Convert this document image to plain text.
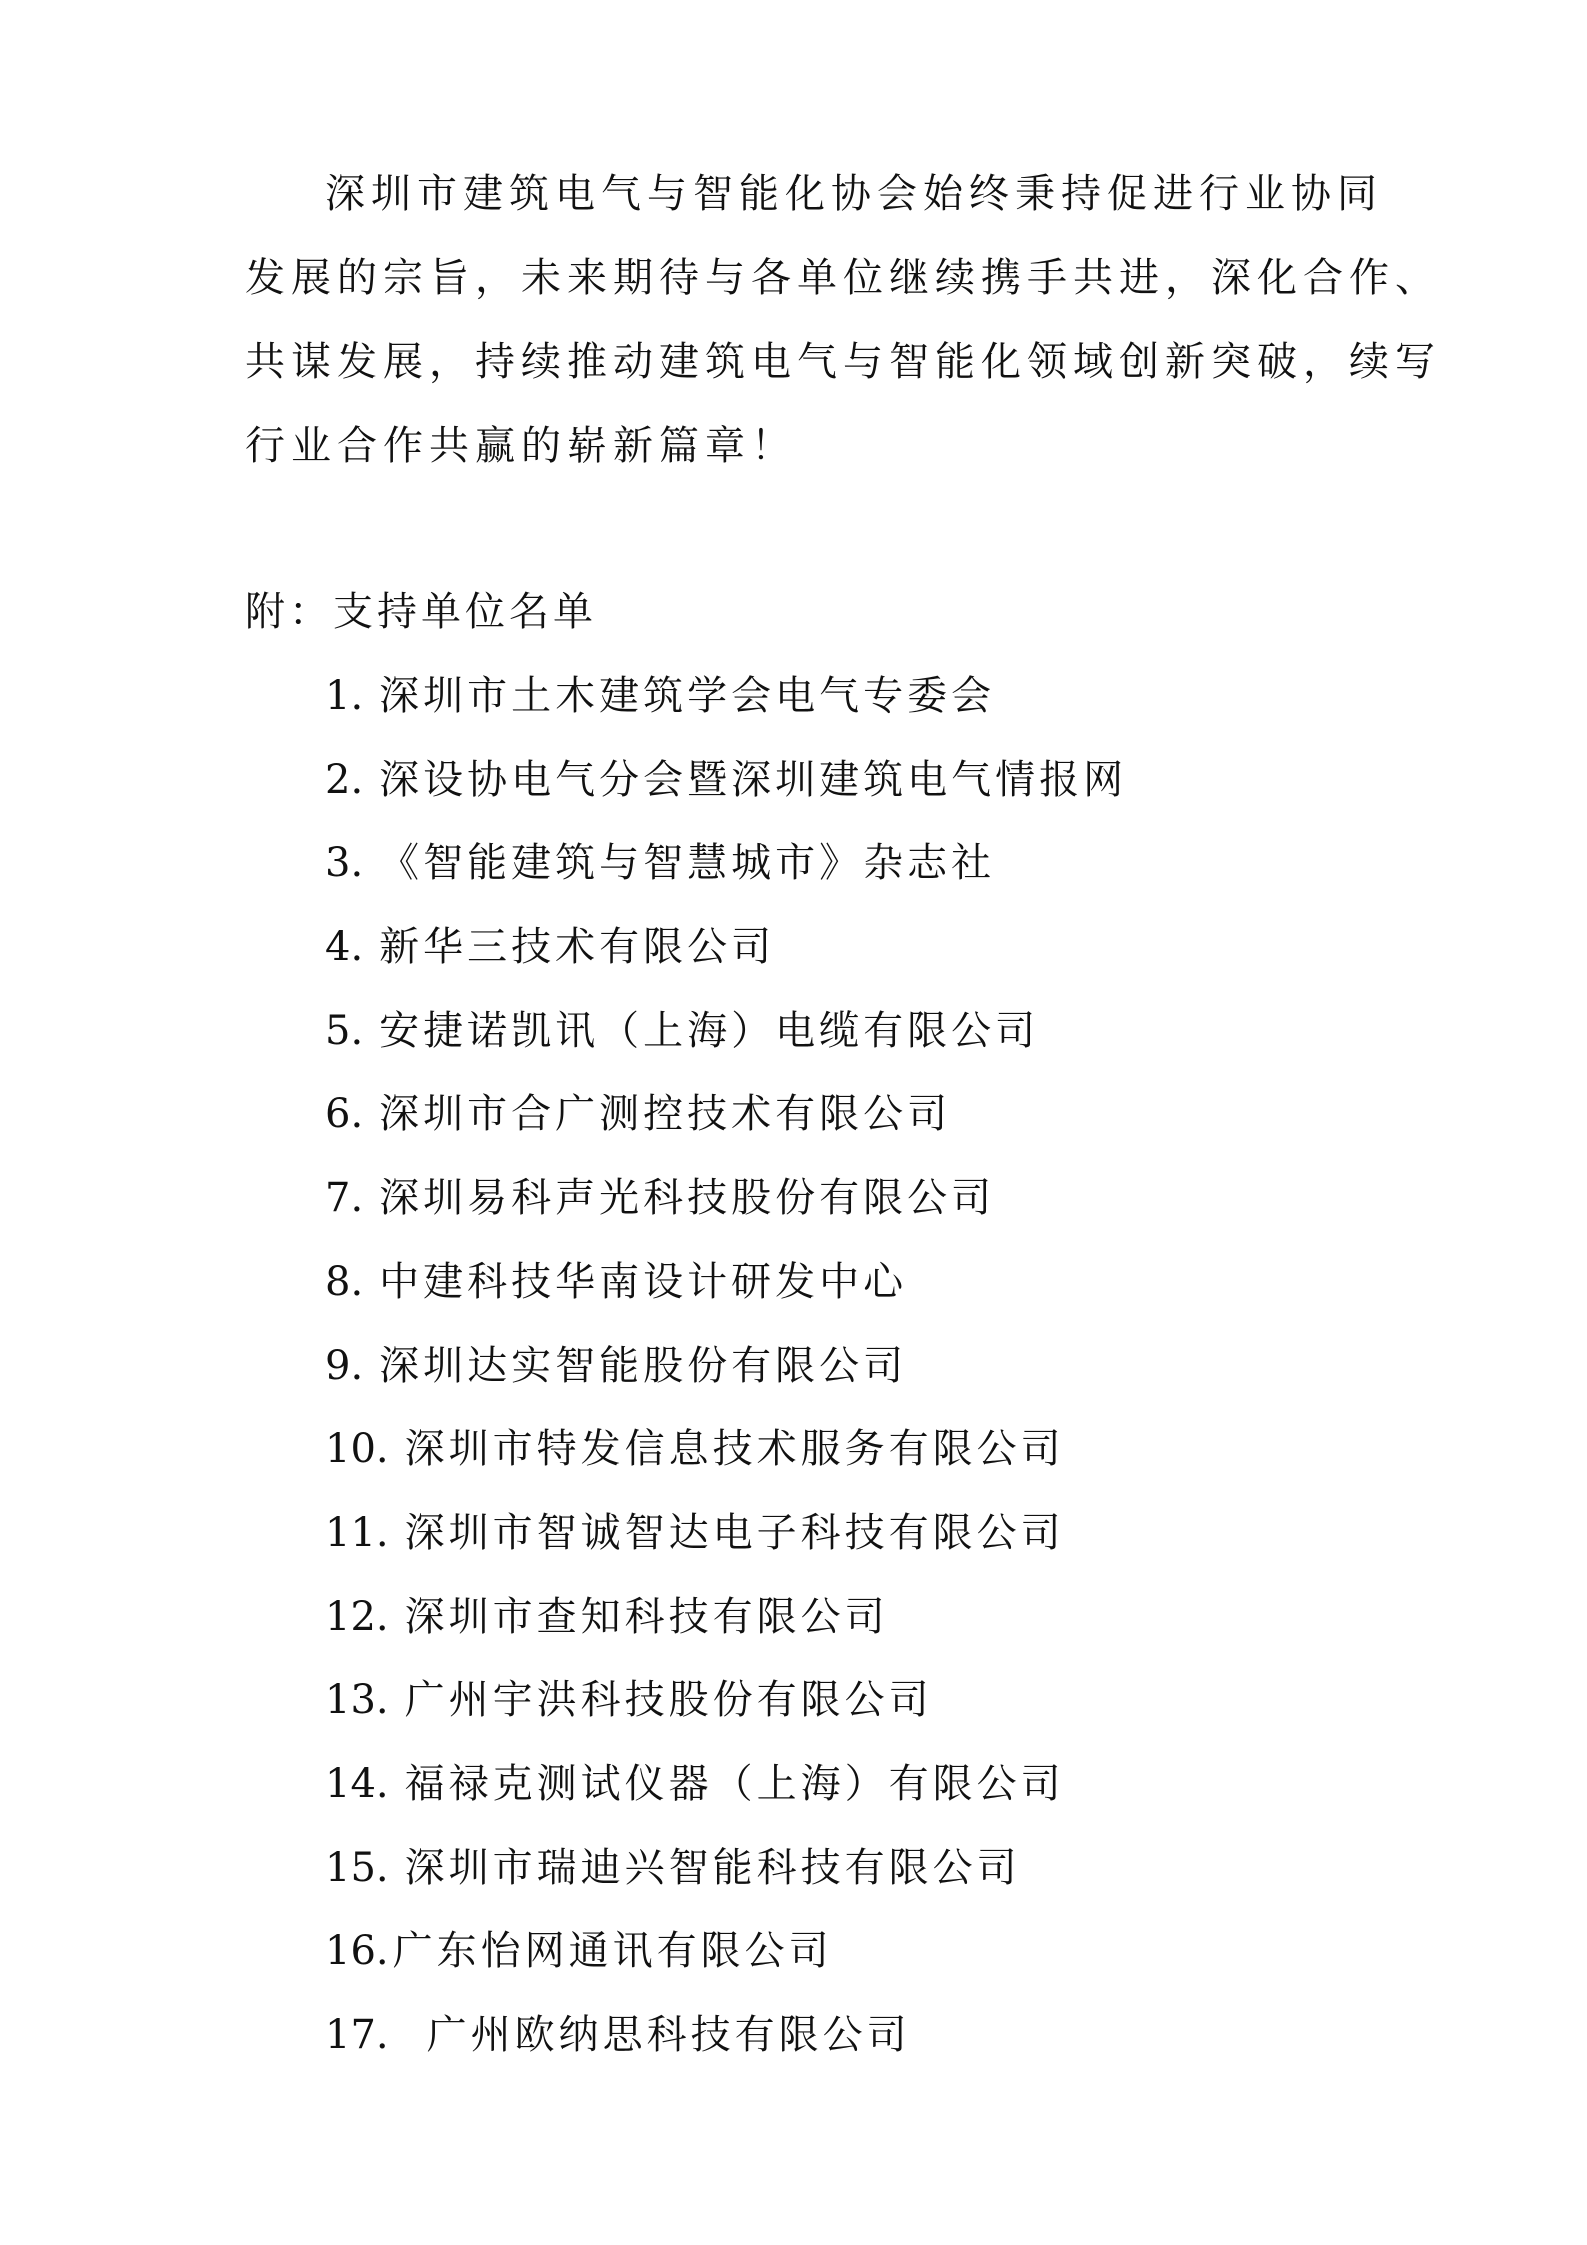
深圳市建筑电气与智能化协会始终秉持促进行业协同
发展的宗旨，未来期待与各单位继续携手共进，深化合作、
共谋发展，持续推动建筑电气与智能化领域创新突破，续写
行业合作共赢的崭新篇章！
附：支持单位名单
1. 深圳市土木建筑学会电气专委会
2. 深设协电气分会暨深圳建筑电气情报网
3. 《智能建筑与智慧城市》杂志社
4. 新华三技术有限公司
5. 安捷诺凯讯（上海）电缆有限公司
6. 深圳市合广测控技术有限公司
7. 深圳易科声光科技股份有限公司
8. 中建科技华南设计研发中心
9. 深圳达实智能股份有限公司
10. 深圳市特发信息技术服务有限公司
11. 深圳市智诚智达电子科技有限公司
12. 深圳市查知科技有限公司
13. 广州宇洪科技股份有限公司
14. 福禄克测试仪器（上海）有限公司
15. 深圳市瑞迪兴智能科技有限公司
16. 广东怡网通讯有限公司
17. 广州欧纳思科技有限公司
